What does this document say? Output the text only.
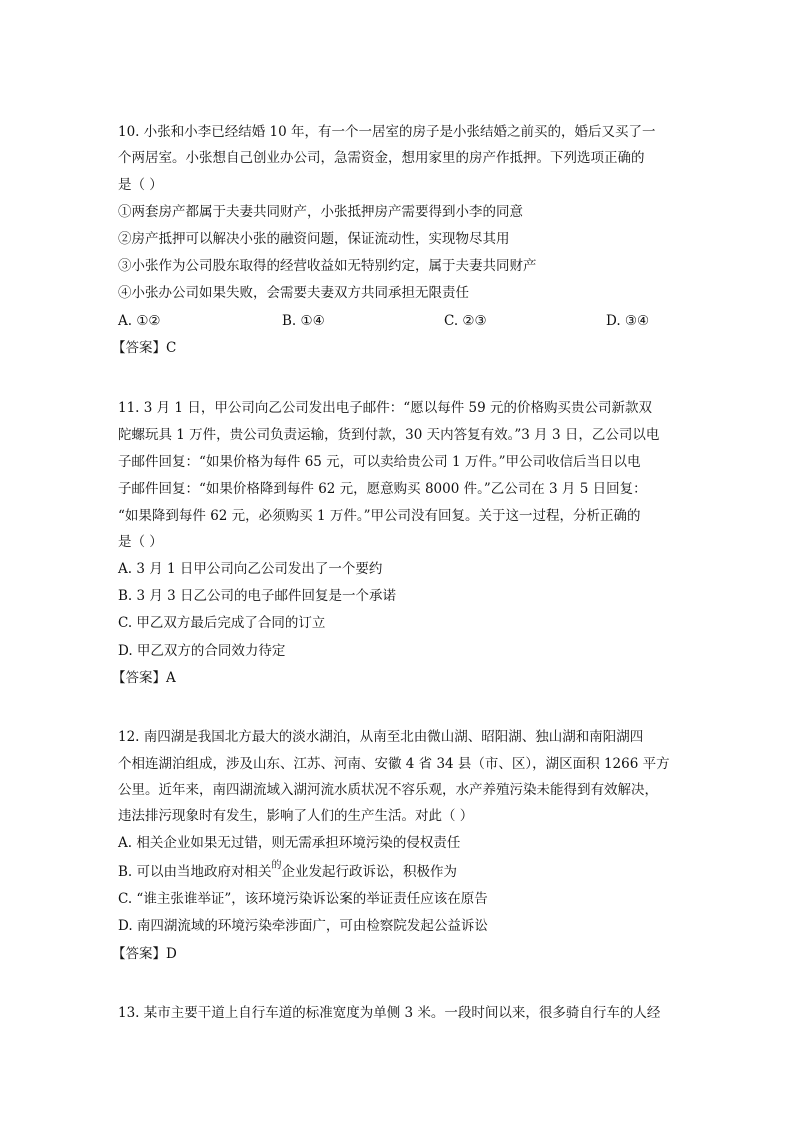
10. 小张和小李已经结婚 10 年，有一个一居室的房子是小张结婚之前买的，婚后又买了一
个两居室。小张想自己创业办公司，急需资金，想用家里的房产作抵押。下列选项正确的
是（ ）
①两套房产都属于夫妻共同财产，小张抵押房产需要得到小李的同意
②房产抵押可以解决小张的融资问题，保证流动性，实现物尽其用
③小张作为公司股东取得的经营收益如无特别约定，属于夫妻共同财产
④小张办公司如果失败，会需要夫妻双方共同承担无限责任
A. ①②	B. ①④	C. ②③	D. ③④
【答案】C
11. 3 月 1 日，甲公司向乙公司发出电子邮件：“愿以每件 59 元的价格购买贵公司新款双
陀螺玩具 1 万件，贵公司负责运输，货到付款，30 天内答复有效。”3 月 3 日，乙公司以电
子邮件回复：“如果价格为每件 65 元，可以卖给贵公司 1 万件。”甲公司收信后当日以电
子邮件回复：“如果价格降到每件 62 元，愿意购买 8000 件。”乙公司在 3 月 5 日回复：
“如果降到每件 62 元，必须购买 1 万件。”甲公司没有回复。关于这一过程，分析正确的
是（ ）
A. 3 月 1 日甲公司向乙公司发出了一个要约
B. 3 月 3 日乙公司的电子邮件回复是一个承诺
C. 甲乙双方最后完成了合同的订立
D. 甲乙双方的合同效力待定
【答案】A
12. 南四湖是我国北方最大的淡水湖泊，从南至北由微山湖、昭阳湖、独山湖和南阳湖四
个相连湖泊组成，涉及山东、江苏、河南、安徽 4 省 34 县（市、区），湖区面积 1266 平方
公里。近年来，南四湖流域入湖河流水质状况不容乐观，水产养殖污染未能得到有效解决，
违法排污现象时有发生，影响了人们的生产生活。对此（ ）
A. 相关企业如果无过错，则无需承担环境污染的侵权责任
B. 可以由当地政府对相关$^的$企业发起行政诉讼，积极作为
C. “谁主张谁举证”，该环境污染诉讼案的举证责任应该在原告
D. 南四湖流域的环境污染牵涉面广，可由检察院发起公益诉讼
【答案】D
13. 某市主要干道上自行车道的标准宽度为单侧 3 米。一段时间以来，很多骑自行车的人经
